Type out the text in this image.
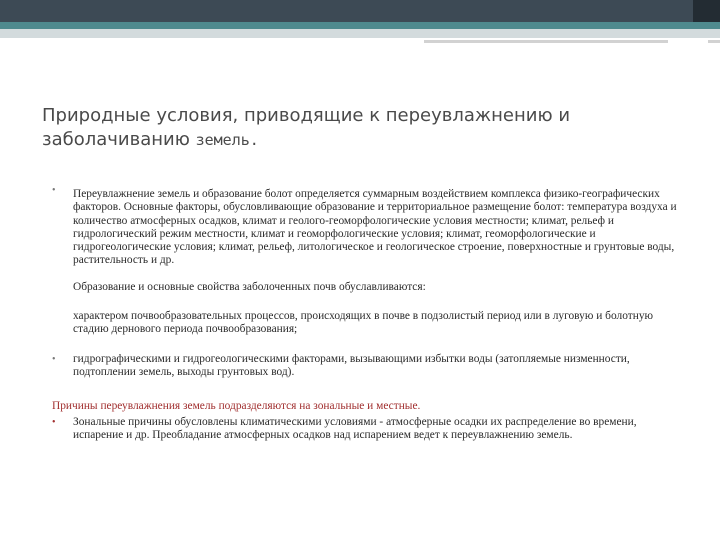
Природные условия, приводящие к переувлажнению и заболачиванию земель.

• Переувлажнение земель и образование болот определяется суммарным воздействием комплекса физико-географических факторов. Основные факторы, обусловливающие образование и территориальное размещение болот: температура воздуха и количество атмосферных осадков, климат и геолого-геоморфологические условия местности; климат, рельеф и гидрологический режим местности, климат и геоморфологические условия; климат, геоморфологические и гидрогеологические условия; климат, рельеф, литологическое и геологическое строение, поверхностные и грунтовые воды, растительность и др.

Образование и основные свойства заболоченных почв обуславливаются:

характером почвообразовательных процессов, происходящих в почве в подзолистый период или в луговую и болотную стадию дернового периода почвообразования;

• гидрографическими и гидрогеологическими факторами, вызывающими избытки воды (затопляемые низменности, подтоплении земель, выходы грунтовых вод).

Причины переувлажнения земель подразделяются на зональные и местные.

• Зональные причины обусловлены климатическими условиями - атмосферные осадки их распределение во времени, испарение и др. Преобладание атмосферных осадков над испарением ведет к переувлажнению земель.
